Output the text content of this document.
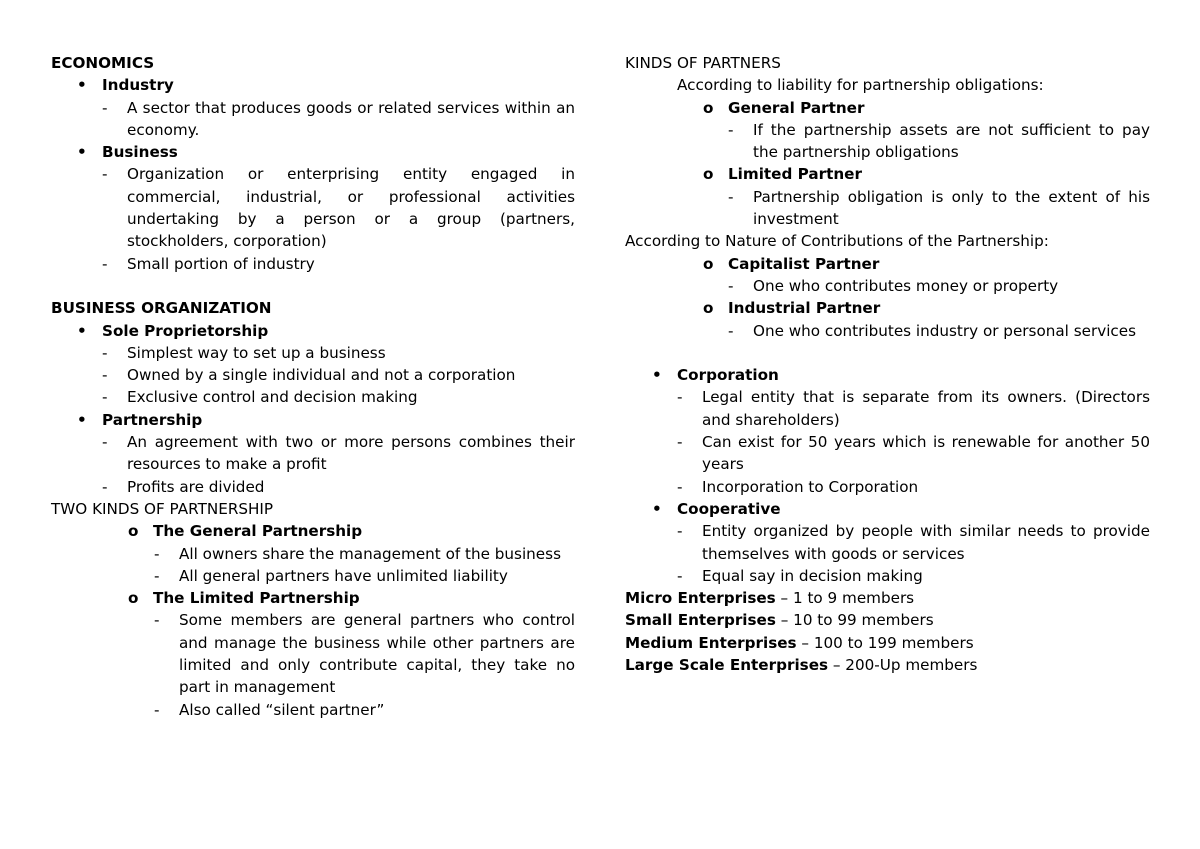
ECONOMICS
• Industry
- A sector that produces goods or related services within an economy.
• Business
- Organization or enterprising entity engaged in commercial, industrial, or professional activities undertaking by a person or a group (partners, stockholders, corporation)
- Small portion of industry
BUSINESS ORGANIZATION
• Sole Proprietorship
- Simplest way to set up a business
- Owned by a single individual and not a corporation
- Exclusive control and decision making
• Partnership
- An agreement with two or more persons combines their resources to make a profit
- Profits are divided
TWO KINDS OF PARTNERSHIP
o The General Partnership
- All owners share the management of the business
- All general partners have unlimited liability
o The Limited Partnership
- Some members are general partners who control and manage the business while other partners are limited and only contribute capital, they take no part in management
- Also called “silent partner”
KINDS OF PARTNERS
According to liability for partnership obligations:
o General Partner
- If the partnership assets are not sufficient to pay the partnership obligations
o Limited Partner
- Partnership obligation is only to the extent of his investment
According to Nature of Contributions of the Partnership:
o Capitalist Partner
- One who contributes money or property
o Industrial Partner
- One who contributes industry or personal services
• Corporation
- Legal entity that is separate from its owners. (Directors and shareholders)
- Can exist for 50 years which is renewable for another 50 years
- Incorporation to Corporation
• Cooperative
- Entity organized by people with similar needs to provide themselves with goods or services
- Equal say in decision making
Micro Enterprises – 1 to 9 members
Small Enterprises – 10 to 99 members
Medium Enterprises – 100 to 199 members
Large Scale Enterprises – 200-Up members
